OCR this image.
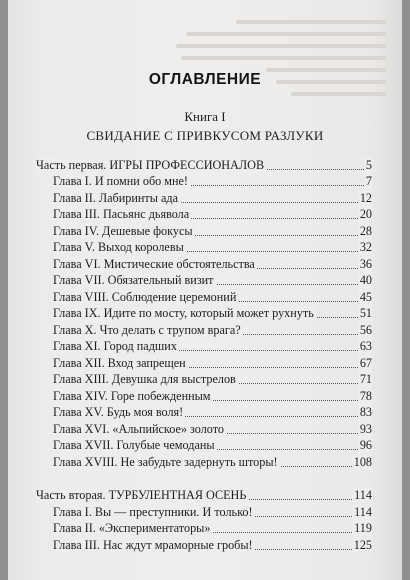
ОГЛАВЛЕНИЕ
Книга I
СВИДАНИЕ С ПРИВКУСОМ РАЗЛУКИ
Часть первая. ИГРЫ ПРОФЕССИОНАЛОВ	5
Глава I. И помни обо мне!	7
Глава II. Лабиринты ада	12
Глава III. Пасьянс дьявола	20
Глава IV. Дешевые фокусы	28
Глава V. Выход королевы	32
Глава VI. Мистические обстоятельства	36
Глава VII. Обязательный визит	40
Глава VIII. Соблюдение церемоний	45
Глава IX. Идите по мосту, который может рухнуть	51
Глава X. Что делать с трупом врага?	56
Глава XI. Город падших	63
Глава XII. Вход запрещен	67
Глава XIII. Девушка для выстрелов	71
Глава XIV. Горе побежденным	78
Глава XV. Будь моя воля!	83
Глава XVI. «Альпийское» золото	93
Глава XVII. Голубые чемоданы	96
Глава XVIII. Не забудьте задернуть шторы!	108
Часть вторая. ТУРБУЛЕНТНАЯ ОСЕНЬ	114
Глава I. Вы — преступники. И только!	114
Глава II. «Экспериментаторы»	119
Глава III. Нас ждут мраморные гробы!	125
